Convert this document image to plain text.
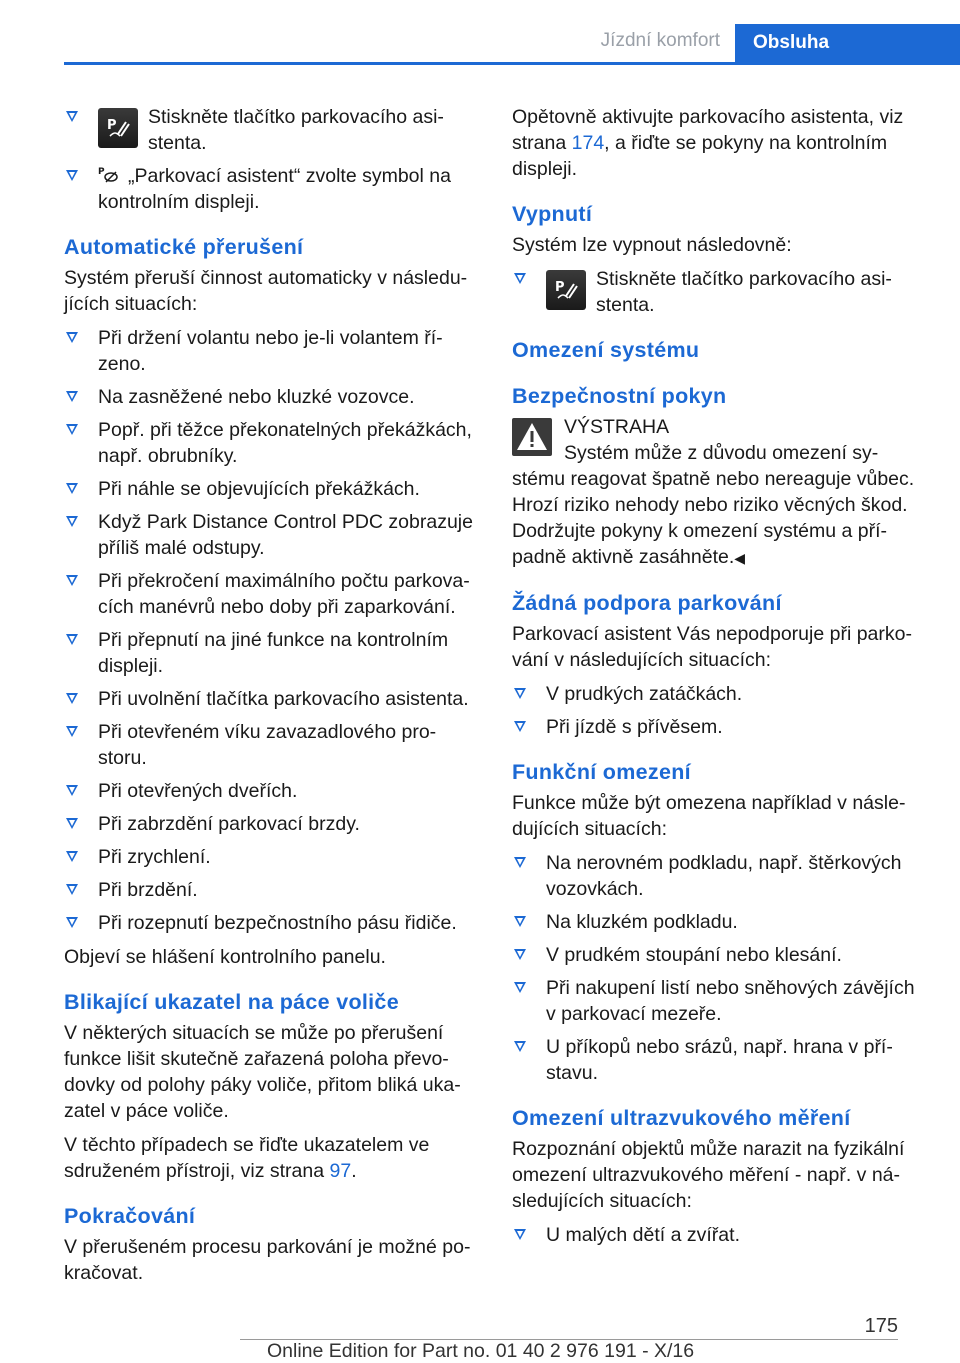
Jízdní komfort	Obsluha
P Stiskněte tlačítko parkovacího asi‐ stenta.
P „Parkovací asistent“ zvolte symbol na kontrolním displeji.
Automatické přerušení

Systém přeruší činnost automaticky v následu‐ jících situacích:

Při držení volantu nebo je-li volantem ří‐ zeno.
Na zasněžené nebo kluzké vozovce.
Popř. při těžce překonatelných překážkách, např. obrubníky.
Při náhle se objevujících překážkách.
Když Park Distance Control PDC zobrazuje příliš malé odstupy.
Při překročení maximálního počtu parkova‐ cích manévrů nebo doby při zaparkování.
Při přepnutí na jiné funkce na kontrolním displeji.
Při uvolnění tlačítka parkovacího asistenta.
Při otevřeném víku zavazadlového pro‐ storu.
Při otevřených dveřích.
Při zabrzdění parkovací brzdy.
Při zrychlení.
Při brzdění.
Při rozepnutí bezpečnostního pásu řidiče.

Objeví se hlášení kontrolního panelu.

Blikající ukazatel na páce voliče

V některých situacích se může po přerušení funkce lišit skutečně zařazená poloha převo‐ dovky od polohy páky voliče, přitom bliká uka‐ zatel v páce voliče.

V těchto případech se řiďte ukazatelem ve sdruženém přístroji, viz strana 97.

Pokračování

V přerušeném procesu parkování je možné po‐ kračovat.

Opětovně aktivujte parkovacího asistenta, viz strana 174, a řiďte se pokyny na kontrolním displeji.

Vypnutí

Systém lze vypnout následovně:

P Stiskněte tlačítko parkovacího asi‐ stenta.
Omezení systému
Bezpečnostní pokyn

VÝSTRAHA

Systém může z důvodu omezení sy‐ stému reagovat špatně nebo nereaguje vůbec. Hrozí riziko nehody nebo riziko věcných škod. Dodržujte pokyny k omezení systému a pří‐ padně aktivně zasáhněte.◀

Žádná podpora parkování

Parkovací asistent Vás nepodporuje při parko‐ vání v následujících situacích:

V prudkých zatáčkách.
Při jízdě s přívěsem.
Funkční omezení

Funkce může být omezena například v násle‐ dujících situacích:

Na nerovném podkladu, např. štěrkových vozovkách.
Na kluzkém podkladu.
V prudkém stoupání nebo klesání.
Při nakupení listí nebo sněhových závějích v parkovací mezeře.
U příkopů nebo srázů, např. hrana v pří‐ stavu.
Omezení ultrazvukového měření

Rozpoznání objektů může narazit na fyzikální omezení ultrazvukového měření - např. v ná‐ sledujících situacích:

U malých dětí a zvířat.
175
Online Edition for Part no. 01 40 2 976 191 - X/16
